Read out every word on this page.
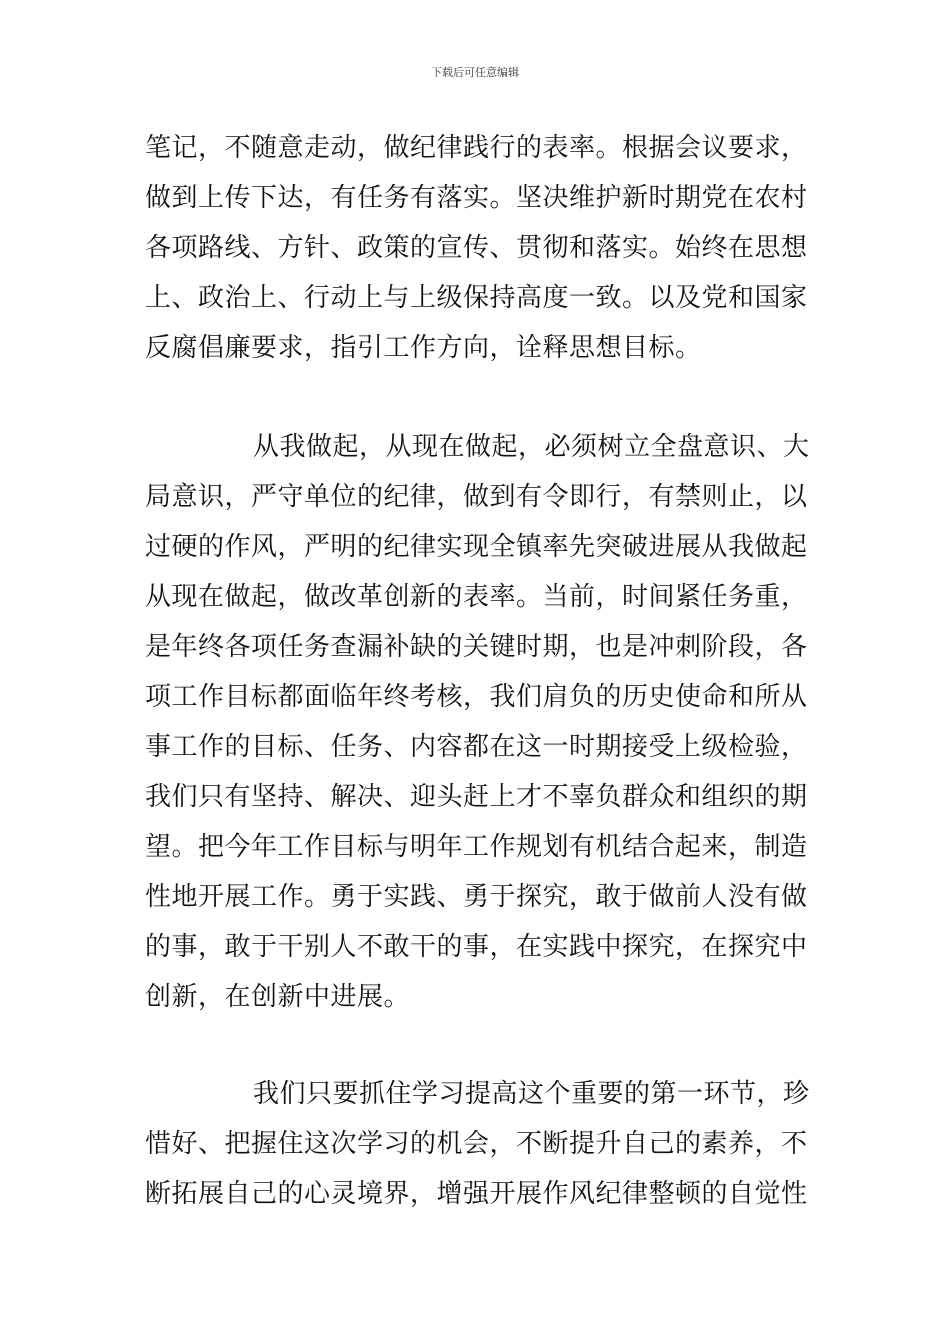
下载后可任意编辑
笔记，不随意走动，做纪律践行的表率。根据会议要求，
做到上传下达，有任务有落实。坚决维护新时期党在农村
各项路线、方针、政策的宣传、贯彻和落实。始终在思想
上、政治上、行动上与上级保持高度一致。以及党和国家
反腐倡廉要求，指引工作方向，诠释思想目标。
从我做起，从现在做起，必须树立全盘意识、大
局意识，严守单位的纪律，做到有令即行，有禁则止，以
过硬的作风，严明的纪律实现全镇率先突破进展从我做起
从现在做起，做改革创新的表率。当前，时间紧任务重，
是年终各项任务查漏补缺的关键时期，也是冲刺阶段，各
项工作目标都面临年终考核，我们肩负的历史使命和所从
事工作的目标、任务、内容都在这一时期接受上级检验，
我们只有坚持、解决、迎头赶上才不辜负群众和组织的期
望。把今年工作目标与明年工作规划有机结合起来，制造
性地开展工作。勇于实践、勇于探究，敢于做前人没有做
的事，敢于干别人不敢干的事，在实践中探究，在探究中
创新，在创新中进展。
我们只要抓住学习提高这个重要的第一环节，珍
惜好、把握住这次学习的机会，不断提升自己的素养，不
断拓展自己的心灵境界，增强开展作风纪律整顿的自觉性
